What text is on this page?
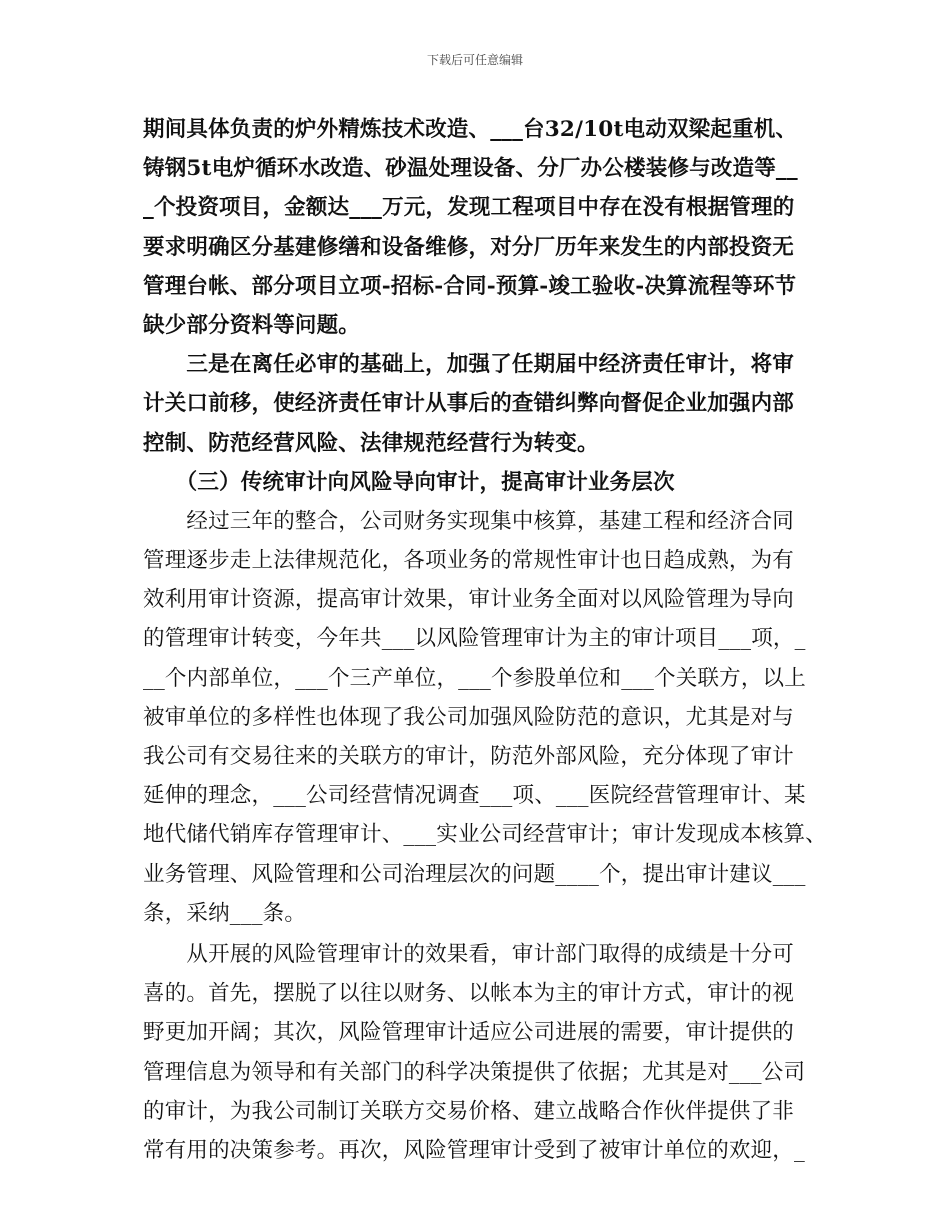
下载后可任意编辑
期间具体负责的炉外精炼技术改造、___台32/10t电动双梁起重机、
铸钢5t电炉循环水改造、砂温处理设备、分厂办公楼装修与改造等__
_个投资项目，金额达___万元，发现工程项目中存在没有根据管理的
要求明确区分基建修缮和设备维修，对分厂历年来发生的内部投资无
管理台帐、部分项目立项-招标-合同-预算-竣工验收-决算流程等环节
缺少部分资料等问题。
　　三是在离任必审的基础上，加强了任期届中经济责任审计，将审
计关口前移，使经济责任审计从事后的查错纠弊向督促企业加强内部
控制、防范经营风险、法律规范经营行为转变。
　　（三）传统审计向风险导向审计，提高审计业务层次
　　经过三年的整合，公司财务实现集中核算，基建工程和经济合同
管理逐步走上法律规范化，各项业务的常规性审计也日趋成熟，为有
效利用审计资源，提高审计效果，审计业务全面对以风险管理为导向
的管理审计转变，今年共___以风险管理审计为主的审计项目___项，_
__个内部单位，___个三产单位，___个参股单位和___个关联方，以上
被审单位的多样性也体现了我公司加强风险防范的意识，尤其是对与
我公司有交易往来的关联方的审计，防范外部风险，充分体现了审计
延伸的理念，___公司经营情况调查___项、___医院经营管理审计、某
地代储代销库存管理审计、___实业公司经营审计；审计发现成本核算、
业务管理、风险管理和公司治理层次的问题____个，提出审计建议___
条，采纳___条。
　　从开展的风险管理审计的效果看，审计部门取得的成绩是十分可
喜的。首先，摆脱了以往以财务、以帐本为主的审计方式，审计的视
野更加开阔；其次，风险管理审计适应公司进展的需要，审计提供的
管理信息为领导和有关部门的科学决策提供了依据；尤其是对___公司
的审计，为我公司制订关联方交易价格、建立战略合作伙伴提供了非
常有用的决策参考。再次，风险管理审计受到了被审计单位的欢迎，_
